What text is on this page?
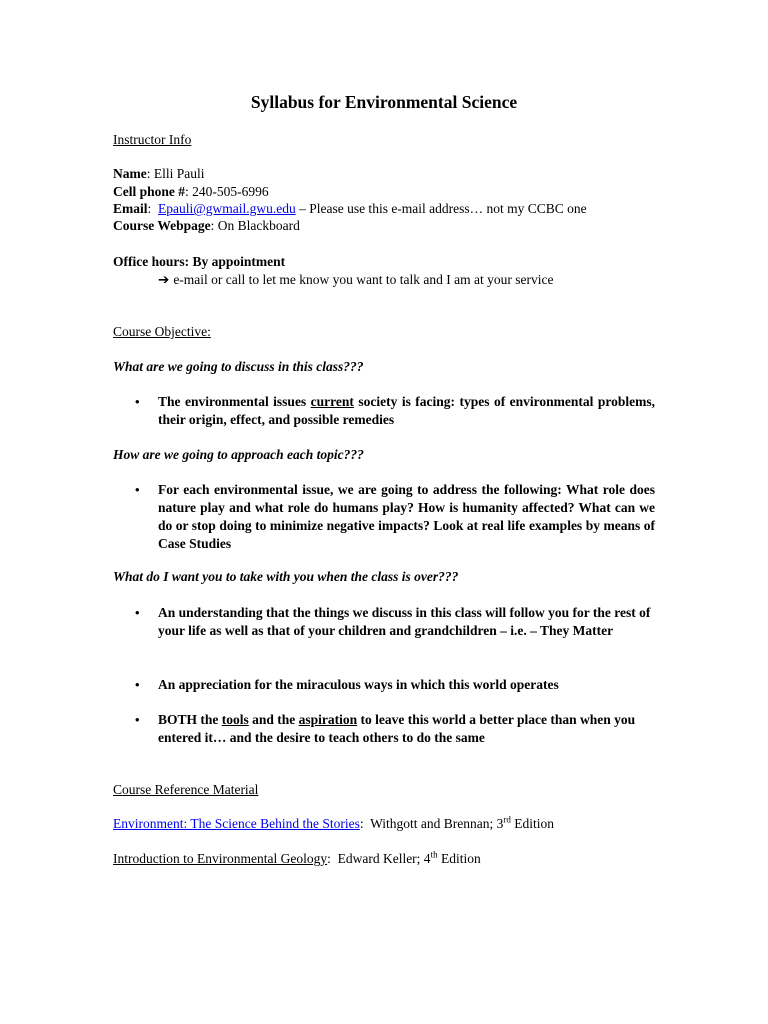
Syllabus for Environmental Science
Instructor Info
Name: Elli Pauli
Cell phone #: 240-505-6996
Email:  Epauli@gwmail.gwu.edu – Please use this e-mail address… not my CCBC one
Course Webpage: On Blackboard
Office hours: By appointment
➔ e-mail or call to let me know you want to talk and I am at your service
Course Objective:
What are we going to discuss in this class???
• The environmental issues current society is facing: types of environmental problems, their origin, effect, and possible remedies
How are we going to approach each topic???
• For each environmental issue, we are going to address the following: What role does nature play and what role do humans play? How is humanity affected? What can we do or stop doing to minimize negative impacts? Look at real life examples by means of Case Studies
What do I want you to take with you when the class is over???
• An understanding that the things we discuss in this class will follow you for the rest of your life as well as that of your children and grandchildren – i.e. – They Matter
• An appreciation for the miraculous ways in which this world operates
• BOTH the tools and the aspiration to leave this world a better place than when you entered it… and the desire to teach others to do the same
Course Reference Material
Environment: The Science Behind the Stories:  Withgott and Brennan; 3rd Edition
Introduction to Environmental Geology:  Edward Keller; 4th Edition
